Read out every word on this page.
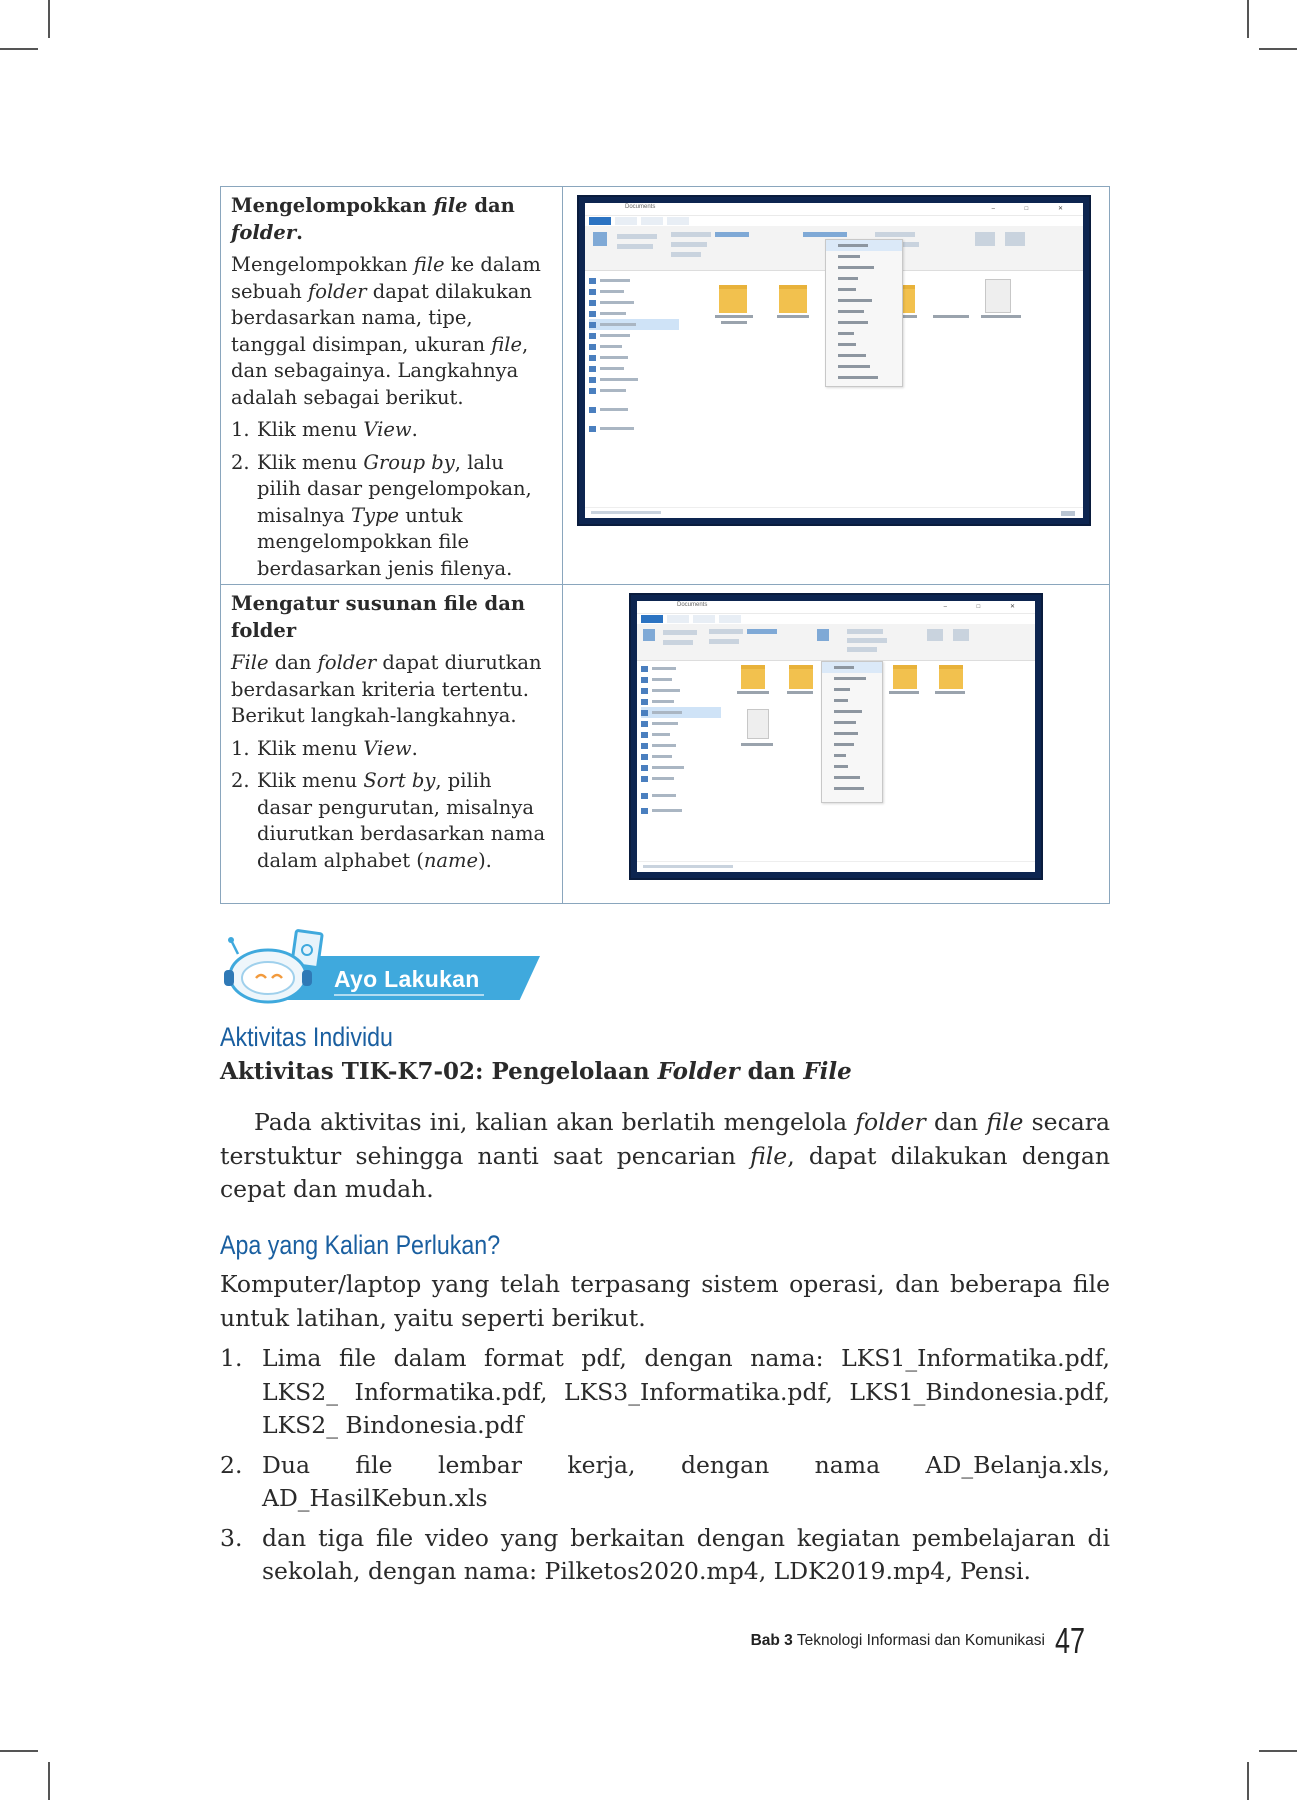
Mengelompokkan file dan folder.
Mengelompokkan file ke dalam sebuah folder dapat dilakukan berdasarkan nama, tipe, tanggal disimpan, ukuran file, dan sebagainya. Langkahnya adalah sebagai berikut.
1. Klik menu View.
2. Klik menu Group by, lalu pilih dasar pengelompokan, misalnya Type untuk mengelompokkan file berdasarkan jenis filenya.
Documents	– □ ✕
Mengatur susunan file dan folder
File dan folder dapat diurutkan berdasarkan kriteria tertentu. Berikut langkah-langkahnya.
1. Klik menu View.
2. Klik menu Sort by, pilih dasar pengurutan, misalnya diurutkan berdasarkan nama dalam alphabet (name).
Documents	– □ ✕
Ayo Lakukan
Aktivitas Individu
Aktivitas TIK-K7-02: Pengelolaan Folder dan File
Pada aktivitas ini, kalian akan berlatih mengelola folder dan file secara terstuktur sehingga nanti saat pencarian file, dapat dilakukan dengan cepat dan mudah.
Apa yang Kalian Perlukan?
Komputer/laptop yang telah terpasang sistem operasi, dan beberapa file untuk latihan, yaitu seperti berikut.
1. Lima file dalam format pdf, dengan nama: LKS1_Informatika.pdf, LKS2_ Informatika.pdf, LKS3_Informatika.pdf, LKS1_Bindonesia.pdf, LKS2_ Bindonesia.pdf
2. Dua file lembar kerja, dengan nama AD_Belanja.xls, AD_HasilKebun.xls
3. dan tiga file video yang berkaitan dengan kegiatan pembelajaran di sekolah, dengan nama: Pilketos2020.mp4, LDK2019.mp4, Pensi.
Bab 3 Teknologi Informasi dan Komunikasi 47
